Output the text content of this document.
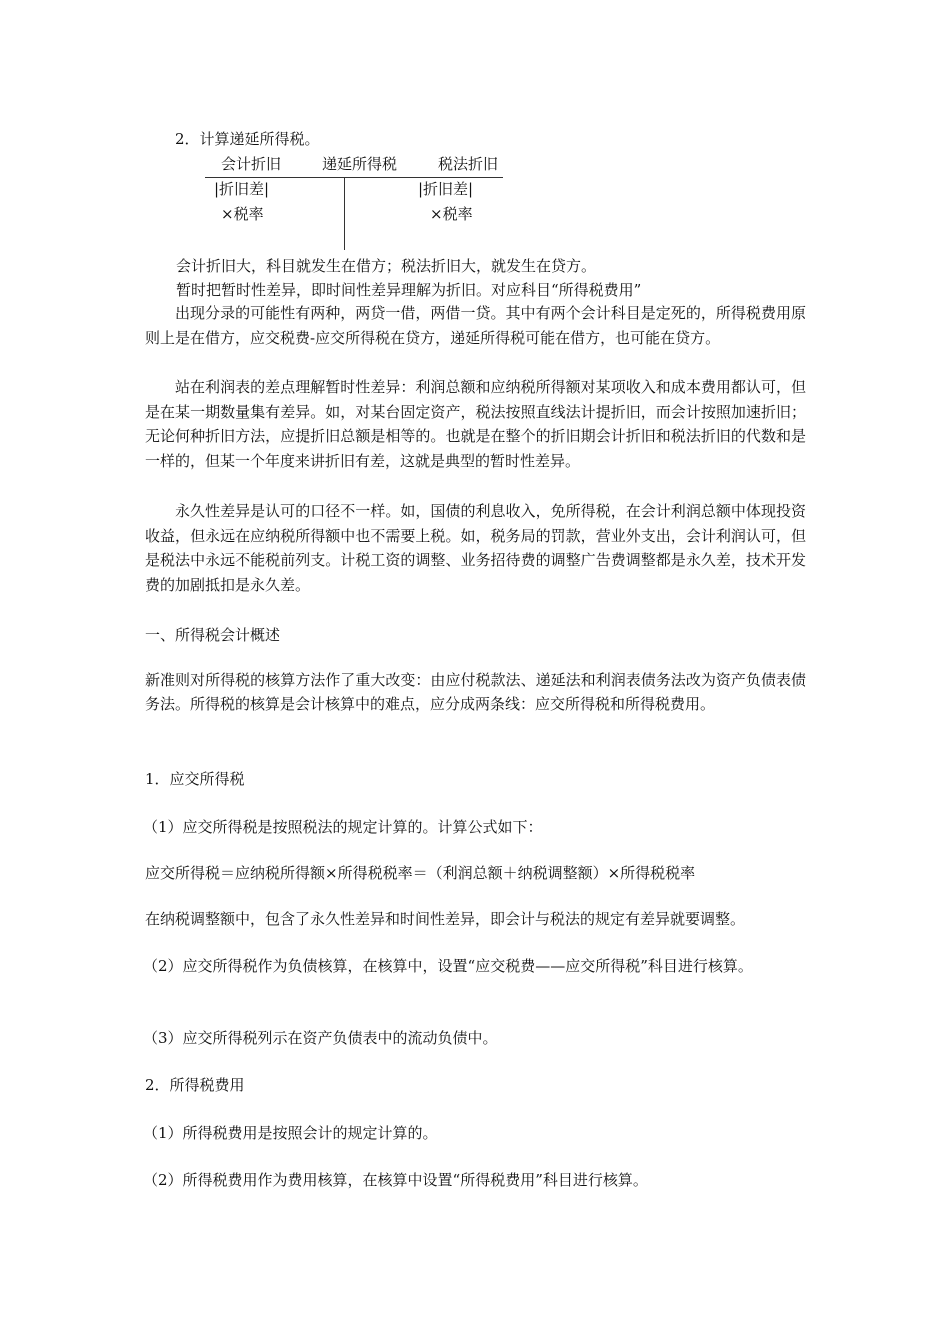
2．计算递延所得税。

会计折旧	递延所得税	税法折旧
|折旧差|
×税率
|折旧差|
×税率

会计折旧大，科目就发生在借方；税法折旧大，就发生在贷方。

暂时把暂时性差异，即时间性差异理解为折旧。对应科目“所得税费用”

出现分录的可能性有两种，两贷一借，两借一贷。其中有两个会计科目是定死的，所得税费用原则上是在借方，应交税费-应交所得税在贷方，递延所得税可能在借方，也可能在贷方。

站在利润表的差点理解暂时性差异：利润总额和应纳税所得额对某项收入和成本费用都认可，但是在某一期数量集有差异。如，对某台固定资产，税法按照直线法计提折旧，而会计按照加速折旧；无论何种折旧方法，应提折旧总额是相等的。也就是在整个的折旧期会计折旧和税法折旧的代数和是一样的，但某一个年度来讲折旧有差，这就是典型的暂时性差异。

永久性差异是认可的口径不一样。如，国债的利息收入，免所得税，在会计利润总额中体现投资收益，但永远在应纳税所得额中也不需要上税。如，税务局的罚款，营业外支出，会计利润认可，但是税法中永远不能税前列支。计税工资的调整、业务招待费的调整广告费调整都是永久差，技术开发费的加剧抵扣是永久差。

一、所得税会计概述

新准则对所得税的核算方法作了重大改变：由应付税款法、递延法和利润表债务法改为资产负债表债务法。所得税的核算是会计核算中的难点，应分成两条线：应交所得税和所得税费用。

1．应交所得税

（1）应交所得税是按照税法的规定计算的。计算公式如下：

应交所得税＝应纳税所得额×所得税税率＝（利润总额＋纳税调整额）×所得税税率

在纳税调整额中，包含了永久性差异和时间性差异，即会计与税法的规定有差异就要调整。

（2）应交所得税作为负债核算，在核算中，设置“应交税费——应交所得税”科目进行核算。

（3）应交所得税列示在资产负债表中的流动负债中。

2．所得税费用

（1）所得税费用是按照会计的规定计算的。

（2）所得税费用作为费用核算，在核算中设置“所得税费用”科目进行核算。
